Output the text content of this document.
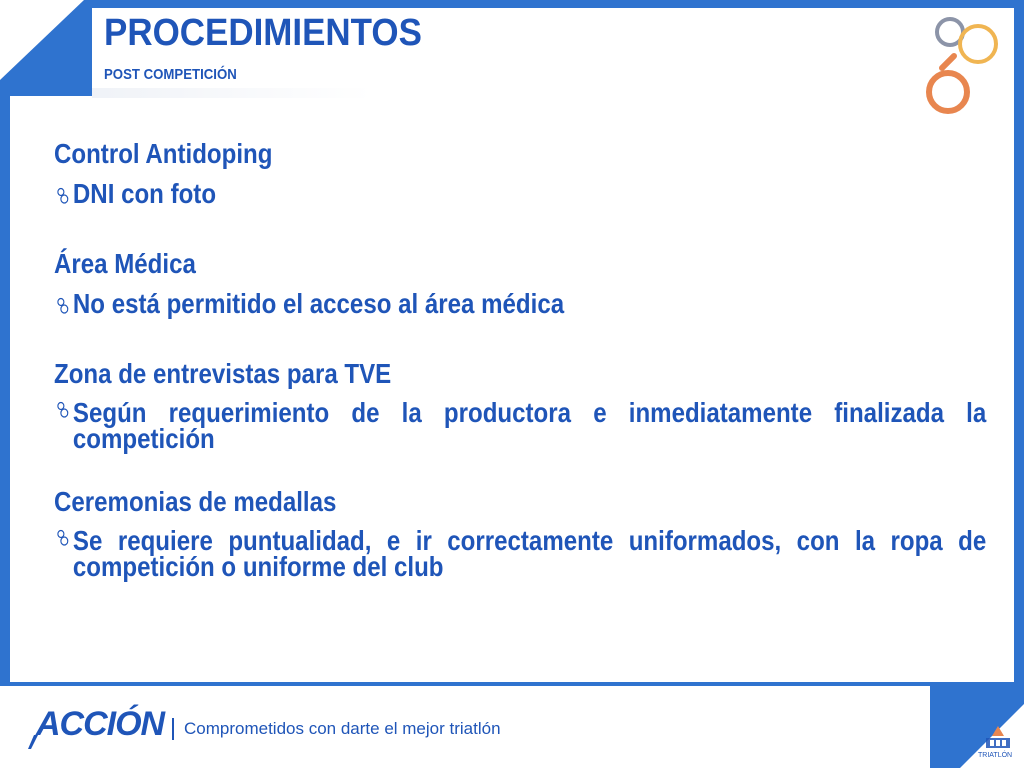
PROCEDIMIENTOS

POST COMPETICIÓN

Control Antidoping
DNI con foto
Área Médica
No está permitido el acceso al área médica
Zona de entrevistas para TVE
Según requerimiento de la productora e inmediatamente finalizada la competición
Ceremonias de medallas
Se requiere puntualidad, e ir correctamente uniformados, con la ropa de competición o uniforme del club

ACCIÓN Comprometidos con darte el mejor triatlón

TRIATLÓN
